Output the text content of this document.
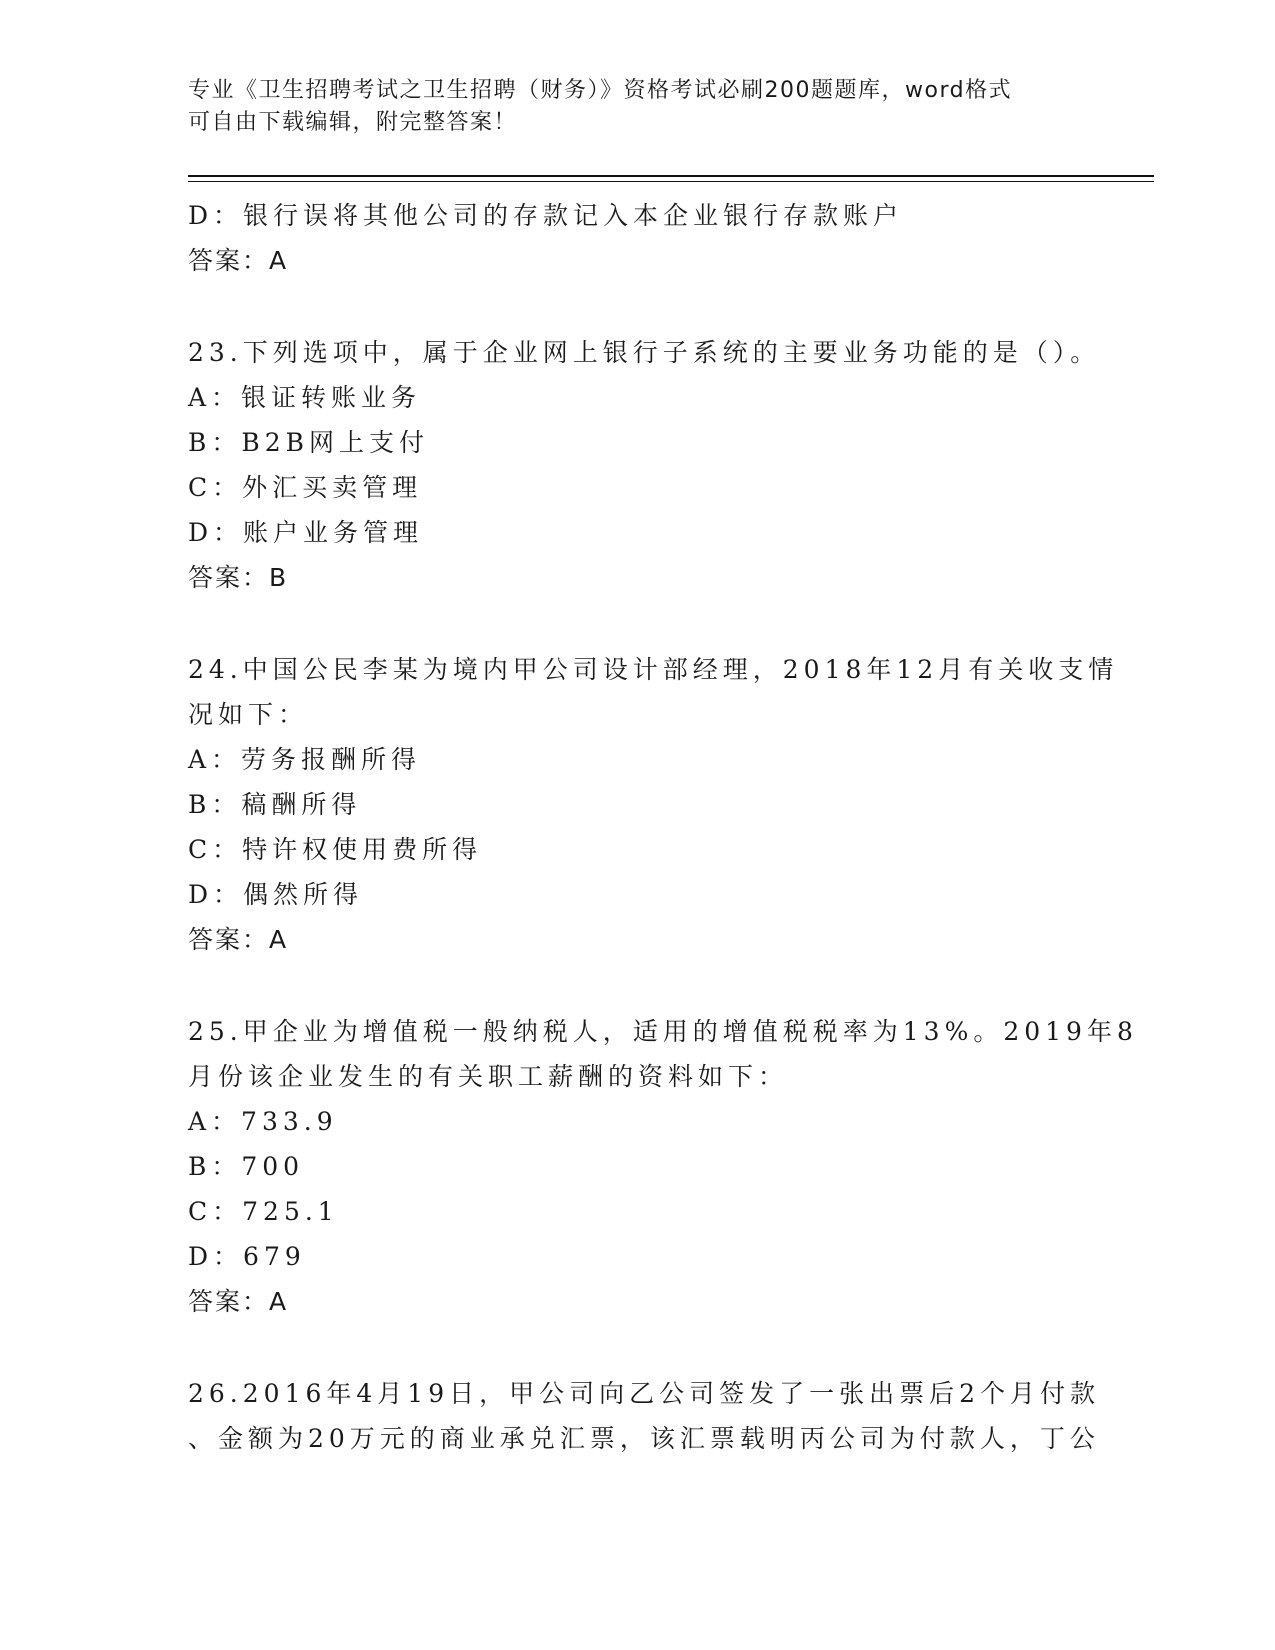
专业《卫生招聘考试之卫生招聘（财务）》资格考试必刷200题题库，word格式
可自由下载编辑，附完整答案！
D：银行误将其他公司的存款记入本企业银行存款账户
答案：A
23.下列选项中，属于企业网上银行子系统的主要业务功能的是（）。
A：银证转账业务
B：B2B网上支付
C：外汇买卖管理
D：账户业务管理
答案：B
24.中国公民李某为境内甲公司设计部经理，2018年12月有关收支情
况如下：
A：劳务报酬所得
B：稿酬所得
C：特许权使用费所得
D：偶然所得
答案：A
25.甲企业为增值税一般纳税人，适用的增值税税率为13%。2019年8
月份该企业发生的有关职工薪酬的资料如下：
A：733.9
B：700
C：725.1
D：679
答案：A
26.2016年4月19日，甲公司向乙公司签发了一张出票后2个月付款
、金额为20万元的商业承兑汇票，该汇票载明丙公司为付款人，丁公
